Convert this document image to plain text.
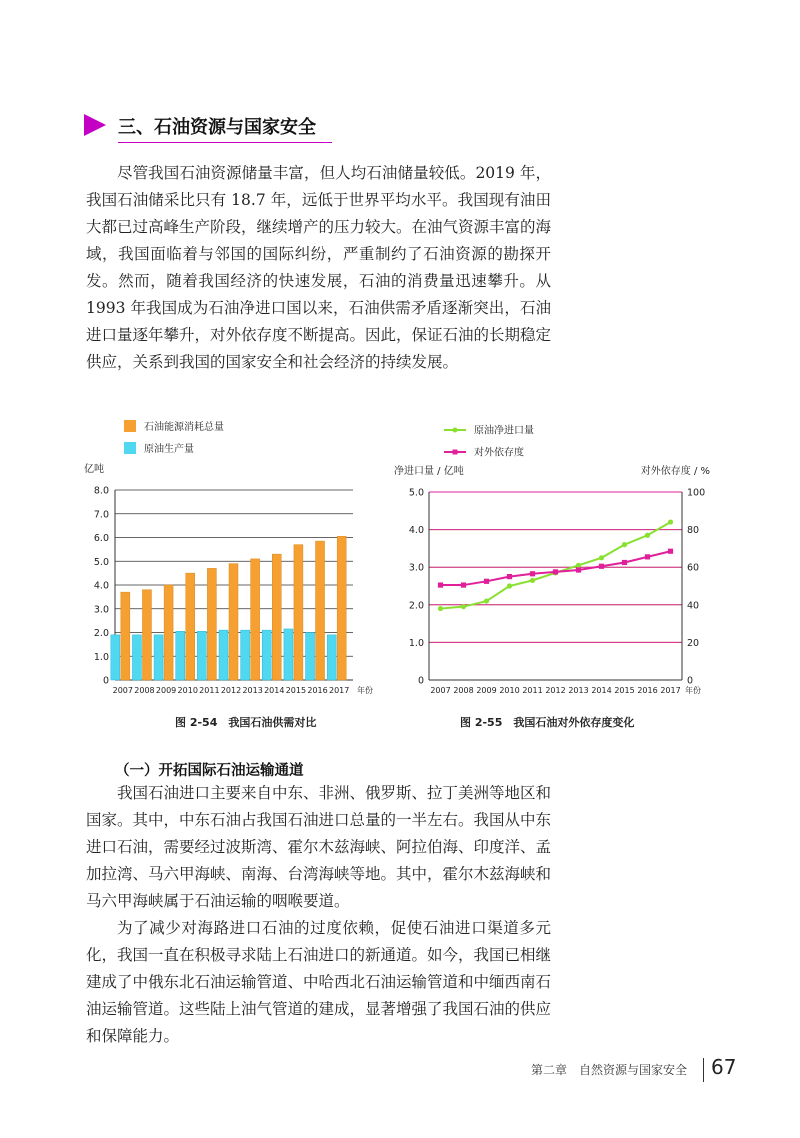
三、石油资源与国家安全

尽管我国石油资源储量丰富，但人均石油储量较低。2019 年，我国石油储采比只有 18.7 年，远低于世界平均水平。我国现有油田大都已过高峰生产阶段，继续增产的压力较大。在油气资源丰富的海域，我国面临着与邻国的国际纠纷，严重制约了石油资源的勘探开发。然而，随着我国经济的快速发展，石油的消费量迅速攀升。从 1993 年我国成为石油净进口国以来，石油供需矛盾逐渐突出，石油进口量逐年攀升，对外依存度不断提高。因此，保证石油的长期稳定供应，关系到我国的国家安全和社会经济的持续发展。

石油能源消耗总量
原油生产量
亿吨
0
1.0
2.0
3.0
4.0
5.0
6.0
7.0
8.0
2007 2008 2009 2010 2011 2012 2013 2014 2015 2016 2017 年份
原油净进口量
对外依存度
净进口量 / 亿吨	对外依存度 / %
0
1.0
2.0
3.0
4.0
5.0
0
20
40
60
80
100
2007 2008 2009 2010 2011 2012 2013 2014 2015 2016 2017 年份
图 2-54　我国石油供需对比	图 2-55　我国石油对外依存度变化
（一）开拓国际石油运输通道

我国石油进口主要来自中东、非洲、俄罗斯、拉丁美洲等地区和国家。其中，中东石油占我国石油进口总量的一半左右。我国从中东进口石油，需要经过波斯湾、霍尔木兹海峡、阿拉伯海、印度洋、孟加拉湾、马六甲海峡、南海、台湾海峡等地。其中，霍尔木兹海峡和马六甲海峡属于石油运输的咽喉要道。

为了减少对海路进口石油的过度依赖，促使石油进口渠道多元化，我国一直在积极寻求陆上石油进口的新通道。如今，我国已相继建成了中俄东北石油运输管道、中哈西北石油运输管道和中缅西南石油运输管道。这些陆上油气管道的建成，显著增强了我国石油的供应和保障能力。

第二章　自然资源与国家安全 67
